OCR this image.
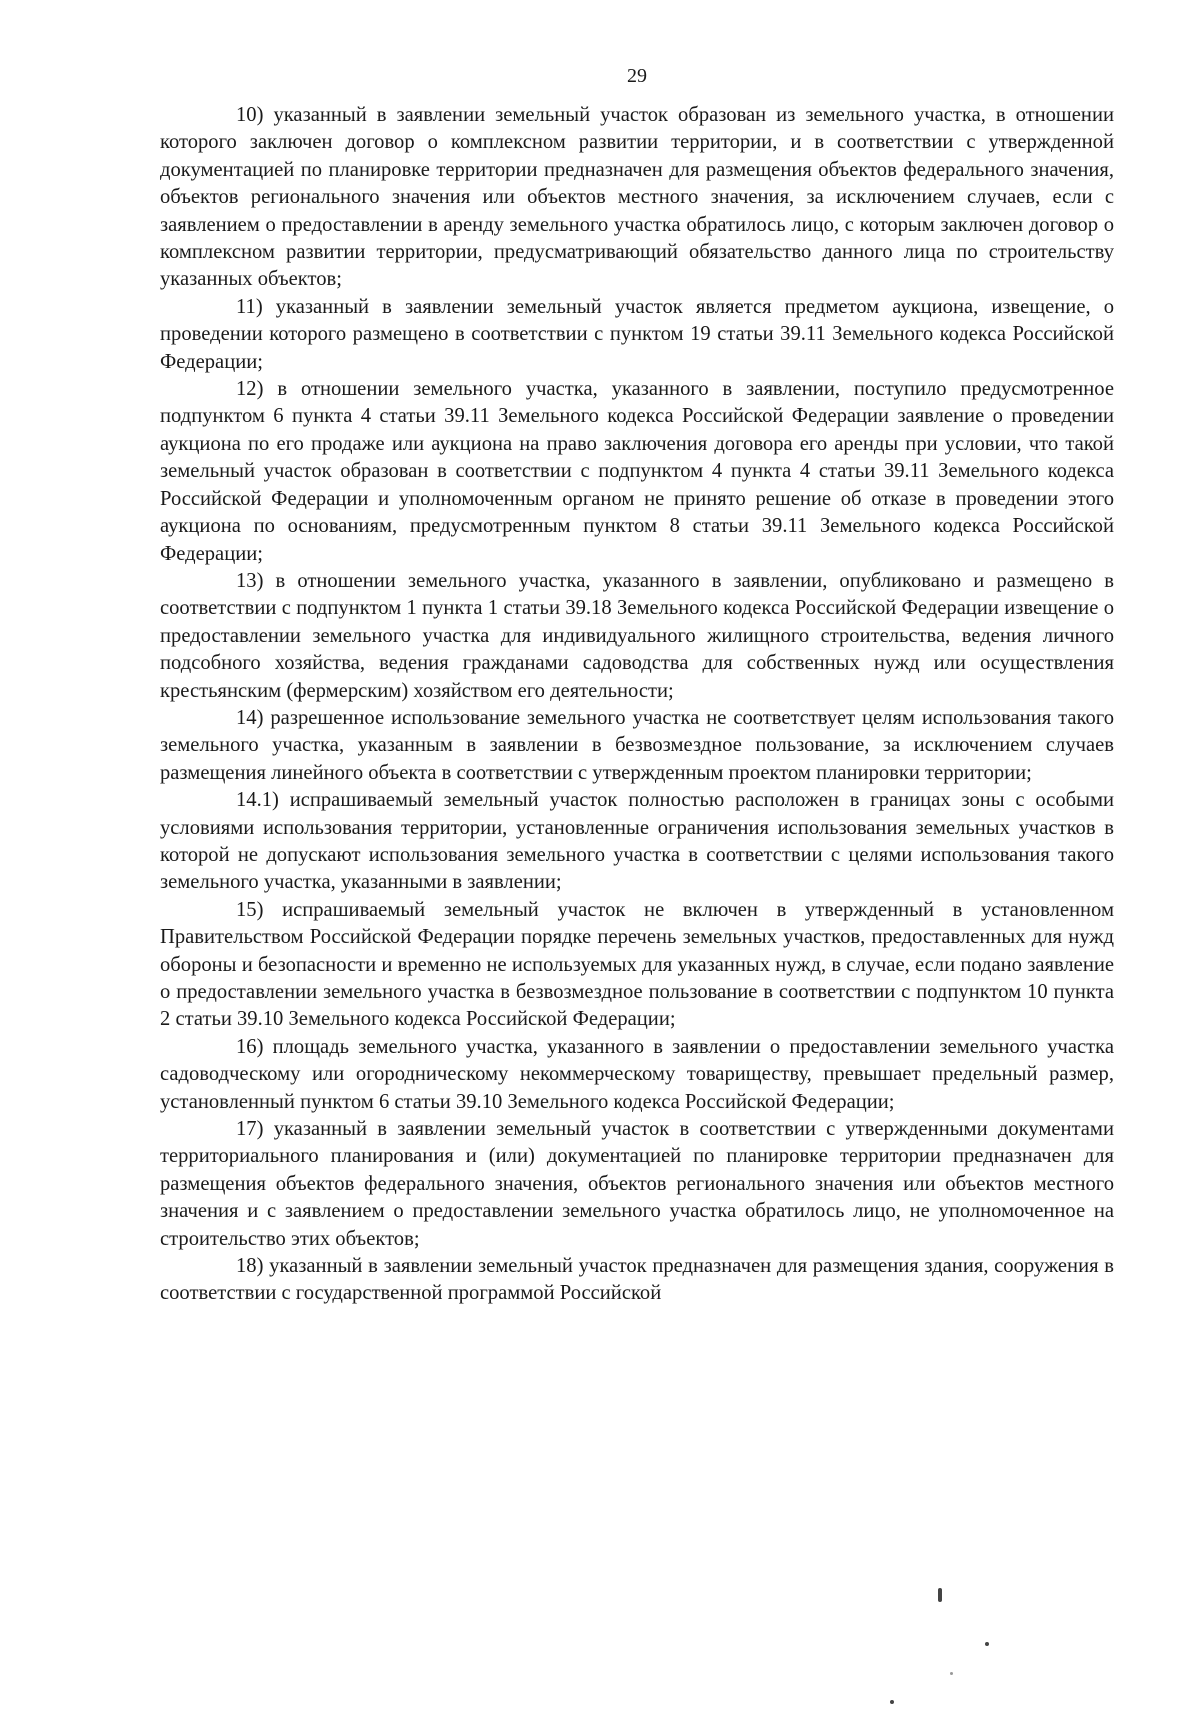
29

10) указанный в заявлении земельный участок образован из земельного участка, в отношении которого заключен договор о комплексном развитии территории, и в соответствии с утвержденной документацией по планировке территории предназначен для размещения объектов федерального значения, объектов регионального значения или объектов местного значения, за исключением случаев, если с заявлением о предоставлении в аренду земельного участка обратилось лицо, с которым заключен договор о комплексном развитии территории, предусматривающий обязательство данного лица по строительству указанных объектов;

11) указанный в заявлении земельный участок является предметом аукциона, извещение, о проведении которого размещено в соответствии с пунктом 19 статьи 39.11 Земельного кодекса Российской Федерации;

12) в отношении земельного участка, указанного в заявлении, поступило предусмотренное подпунктом 6 пункта 4 статьи 39.11 Земельного кодекса Российской Федерации заявление о проведении аукциона по его продаже или аукциона на право заключения договора его аренды при условии, что такой земельный участок образован в соответствии с подпунктом 4 пункта 4 статьи 39.11 Земельного кодекса Российской Федерации и уполномоченным органом не принято решение об отказе в проведении этого аукциона по основаниям, предусмотренным пунктом 8 статьи 39.11 Земельного кодекса Российской Федерации;

13) в отношении земельного участка, указанного в заявлении, опубликовано и размещено в соответствии с подпунктом 1 пункта 1 статьи 39.18 Земельного кодекса Российской Федерации извещение о предоставлении земельного участка для индивидуального жилищного строительства, ведения личного подсобного хозяйства, ведения гражданами садоводства для собственных нужд или осуществления крестьянским (фермерским) хозяйством его деятельности;

14) разрешенное использование земельного участка не соответствует целям использования такого земельного участка, указанным в заявлении в безвозмездное пользование, за исключением случаев размещения линейного объекта в соответствии с утвержденным проектом планировки территории;

14.1) испрашиваемый земельный участок полностью расположен в границах зоны с особыми условиями использования территории, установленные ограничения использования земельных участков в которой не допускают использования земельного участка в соответствии с целями использования такого земельного участка, указанными в заявлении;

15) испрашиваемый земельный участок не включен в утвержденный в установленном Правительством Российской Федерации порядке перечень земельных участков, предоставленных для нужд обороны и безопасности и временно не используемых для указанных нужд, в случае, если подано заявление о предоставлении земельного участка в безвозмездное пользование в соответствии с подпунктом 10 пункта 2 статьи 39.10 Земельного кодекса Российской Федерации;

16) площадь земельного участка, указанного в заявлении о предоставлении земельного участка садоводческому или огородническому некоммерческому товариществу, превышает предельный размер, установленный пунктом 6 статьи 39.10 Земельного кодекса Российской Федерации;

17) указанный в заявлении земельный участок в соответствии с утвержденными документами территориального планирования и (или) документацией по планировке территории предназначен для размещения объектов федерального значения, объектов регионального значения или объектов местного значения и с заявлением о предоставлении земельного участка обратилось лицо, не уполномоченное на строительство этих объектов;

18) указанный в заявлении земельный участок предназначен для размещения здания, сооружения в соответствии с государственной программой Российской
